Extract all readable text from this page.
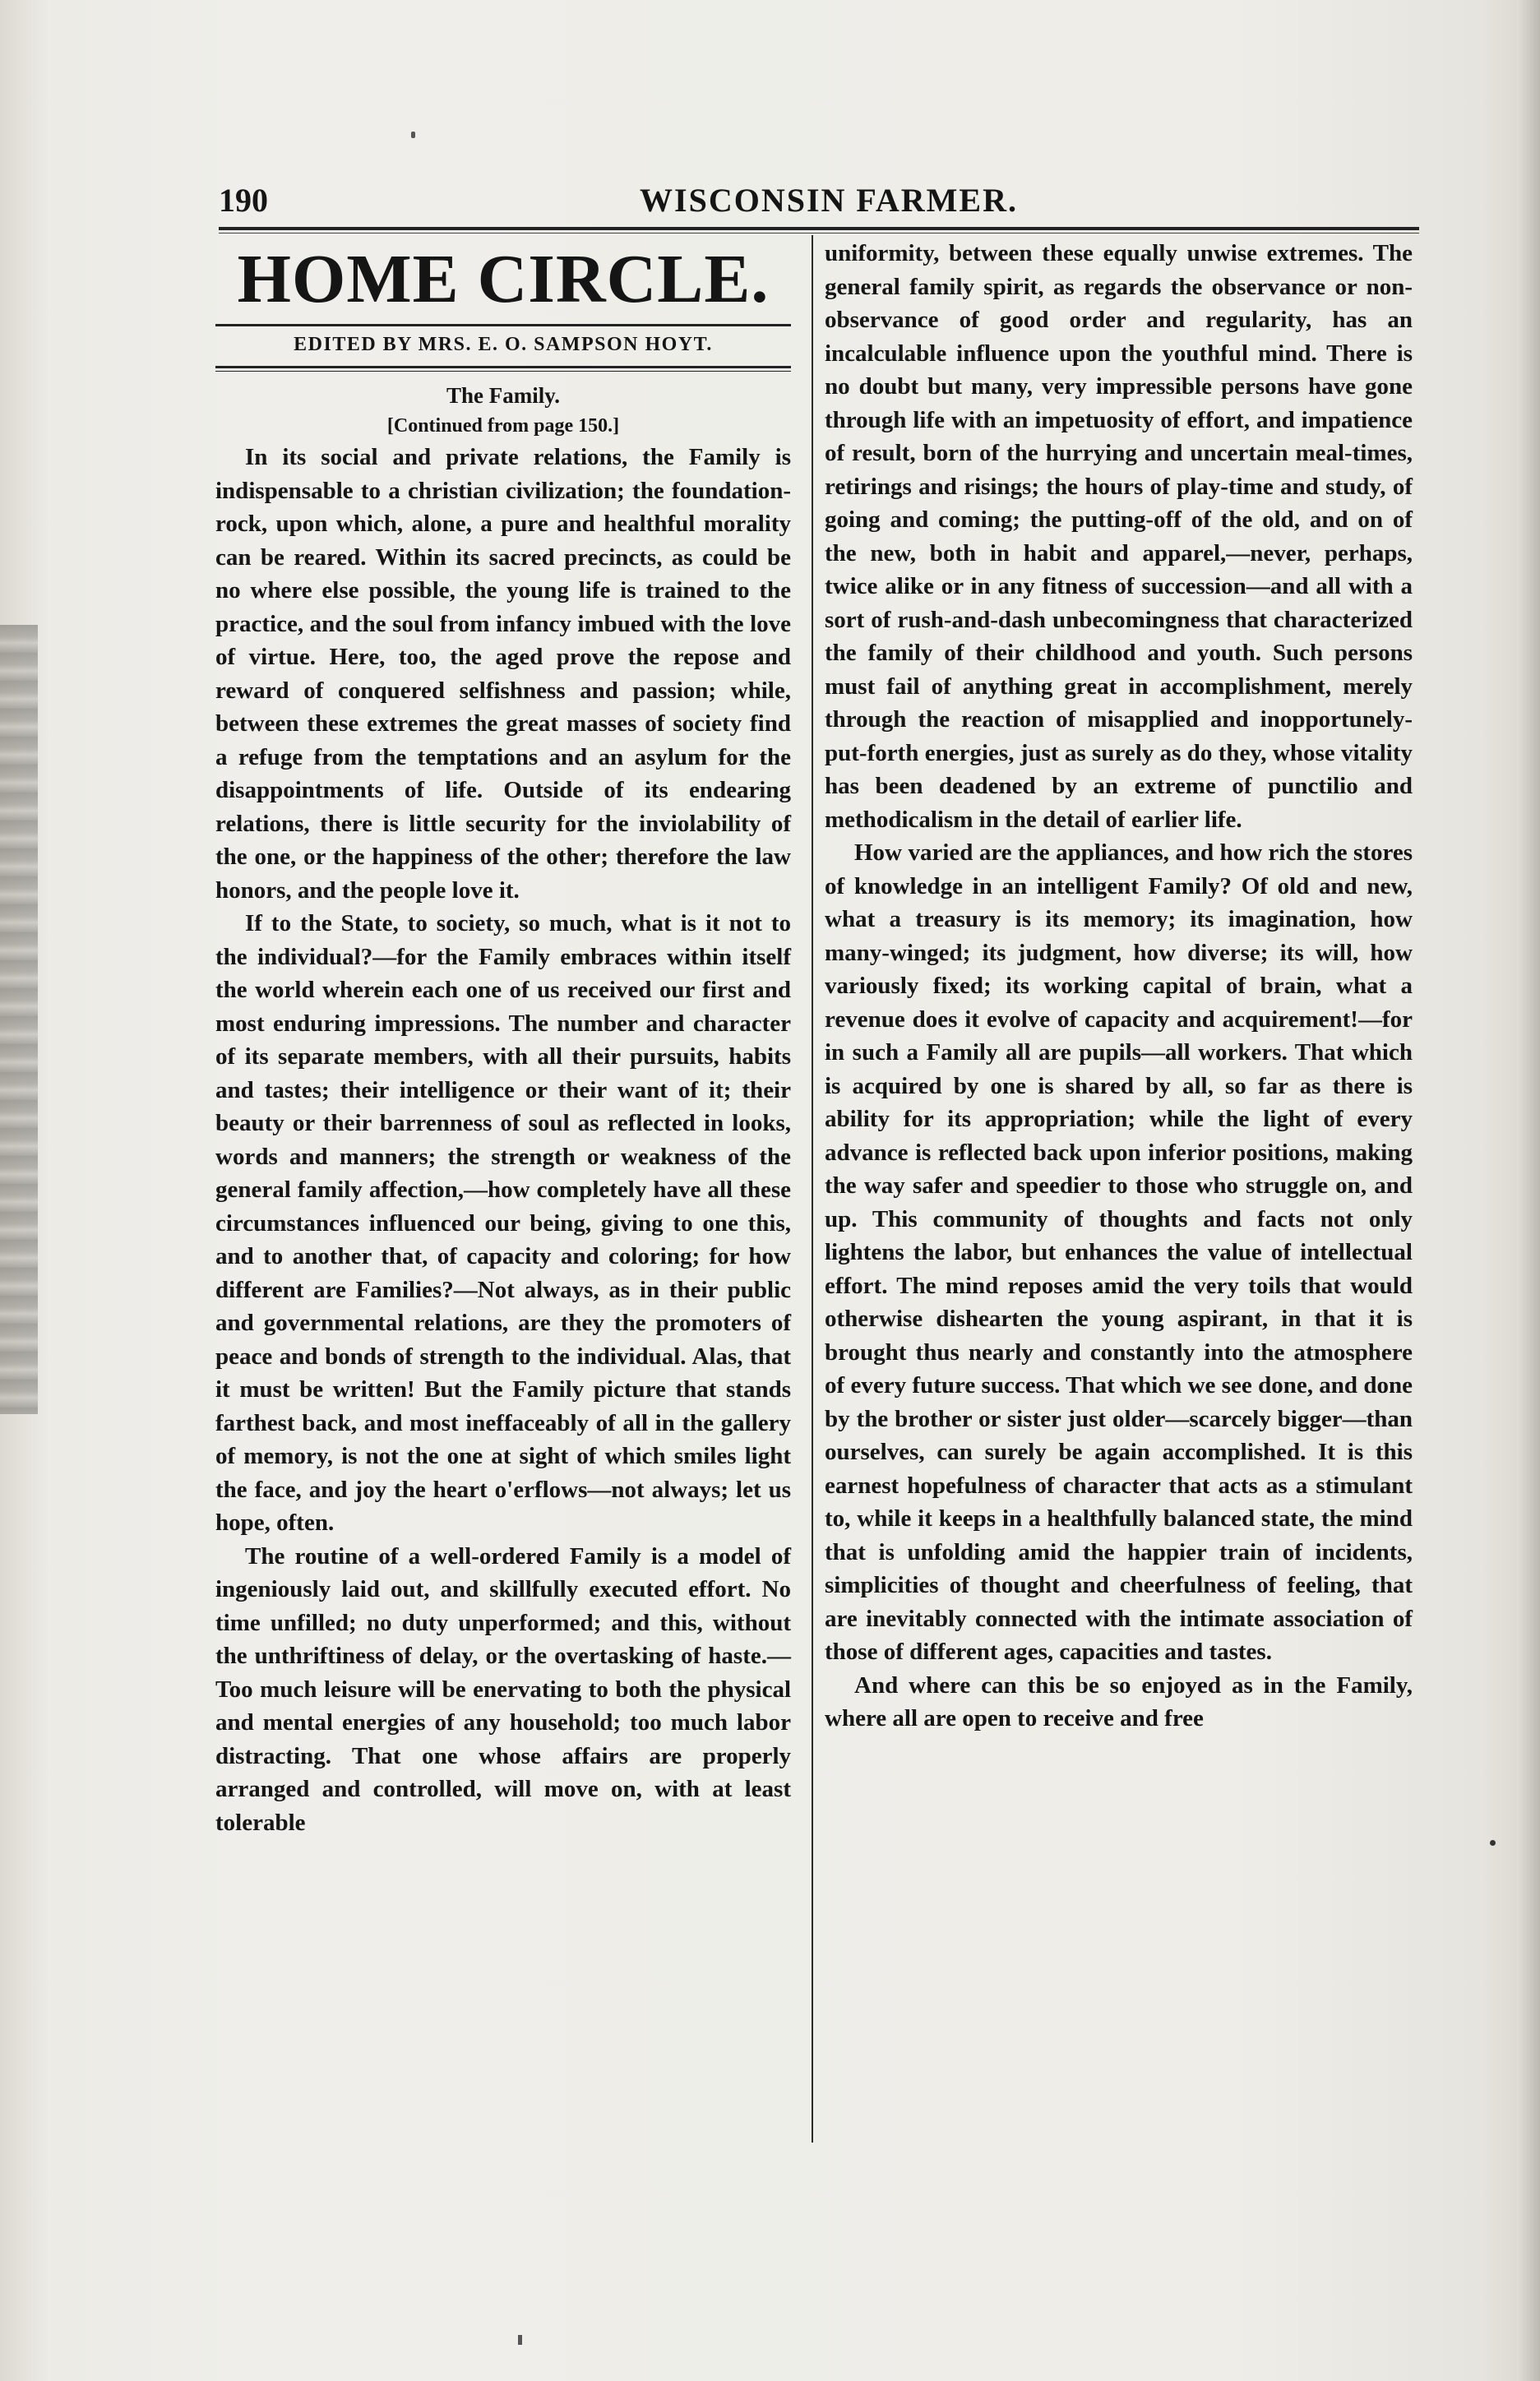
190	WISCONSIN FARMER.
HOME CIRCLE.

EDITED BY MRS. E. O. SAMPSON HOYT.

The Family.

[Continued from page 150.]

In its social and private relations, the Family is indispensable to a christian civilization; the foundation-rock, upon which, alone, a pure and healthful morality can be reared. Within its sacred precincts, as could be no where else possible, the young life is trained to the practice, and the soul from infancy imbued with the love of virtue. Here, too, the aged prove the repose and reward of conquered selfishness and passion; while, between these extremes the great masses of society find a refuge from the temptations and an asylum for the disappointments of life. Outside of its endearing relations, there is little security for the inviolability of the one, or the happiness of the other; therefore the law honors, and the people love it.

If to the State, to society, so much, what is it not to the individual?—for the Family embraces within itself the world wherein each one of us received our first and most enduring impressions. The number and character of its separate members, with all their pursuits, habits and tastes; their intelligence or their want of it; their beauty or their barrenness of soul as reflected in looks, words and manners; the strength or weakness of the general family affection,—how completely have all these circumstances influenced our being, giving to one this, and to another that, of capacity and coloring; for how different are Families?—Not always, as in their public and governmental relations, are they the promoters of peace and bonds of strength to the individual. Alas, that it must be written! But the Family picture that stands farthest back, and most ineffaceably of all in the gallery of memory, is not the one at sight of which smiles light the face, and joy the heart o'erflows—not always; let us hope, often.

The routine of a well-ordered Family is a model of ingeniously laid out, and skillfully executed effort. No time unfilled; no duty unperformed; and this, without the unthriftiness of delay, or the overtasking of haste.—Too much leisure will be enervating to both the physical and mental energies of any household; too much labor distracting. That one whose affairs are properly arranged and controlled, will move on, with at least tolerable

uniformity, between these equally unwise extremes. The general family spirit, as regards the observance or non-observance of good order and regularity, has an incalculable influence upon the youthful mind. There is no doubt but many, very impressible persons have gone through life with an impetuosity of effort, and impatience of result, born of the hurrying and uncertain meal-times, retirings and risings; the hours of play-time and study, of going and coming; the putting-off of the old, and on of the new, both in habit and apparel,—never, perhaps, twice alike or in any fitness of succession—and all with a sort of rush-and-dash unbecomingness that characterized the family of their childhood and youth. Such persons must fail of anything great in accomplishment, merely through the reaction of misapplied and inopportunely-put-forth energies, just as surely as do they, whose vitality has been deadened by an extreme of punctilio and methodicalism in the detail of earlier life.

How varied are the appliances, and how rich the stores of knowledge in an intelligent Family? Of old and new, what a treasury is its memory; its imagination, how many-winged; its judgment, how diverse; its will, how variously fixed; its working capital of brain, what a revenue does it evolve of capacity and acquirement!—for in such a Family all are pupils—all workers. That which is acquired by one is shared by all, so far as there is ability for its appropriation; while the light of every advance is reflected back upon inferior positions, making the way safer and speedier to those who struggle on, and up. This community of thoughts and facts not only lightens the labor, but enhances the value of intellectual effort. The mind reposes amid the very toils that would otherwise dishearten the young aspirant, in that it is brought thus nearly and constantly into the atmosphere of every future success. That which we see done, and done by the brother or sister just older—scarcely bigger—than ourselves, can surely be again accomplished. It is this earnest hopefulness of character that acts as a stimulant to, while it keeps in a healthfully balanced state, the mind that is unfolding amid the happier train of incidents, simplicities of thought and cheerfulness of feeling, that are inevitably connected with the intimate association of those of different ages, capacities and tastes.

And where can this be so enjoyed as in the Family, where all are open to receive and free
